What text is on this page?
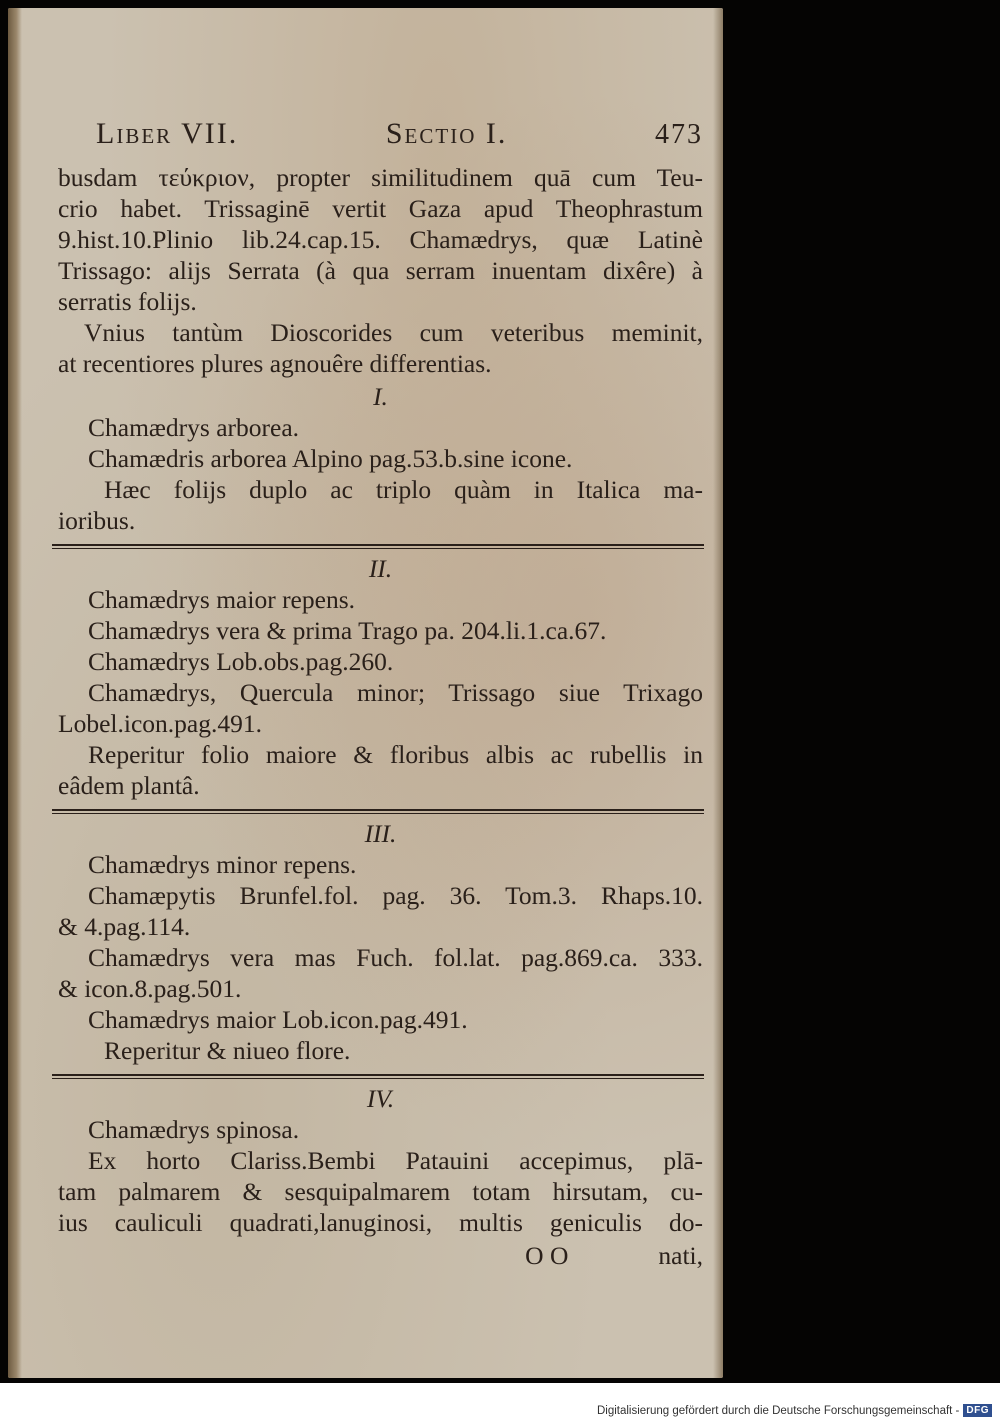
Liber VII.	Sectio I.	473

busdam τεύκριον, propter similitudinem quā cum Teu-

crio habet. Trissaginē vertit Gaza apud Theophrastum

9.hist.10.Plinio lib.24.cap.15. Chamædrys, quæ Latinè

Trissago: alijs Serrata (à qua serram inuentam dixêre) à

serratis folijs.

Vnius tantùm Dioscorides cum veteribus meminit,

at recentiores plures agnouêre differentias.

I.

Chamædrys arborea.

Chamædris arborea Alpino pag.53.b.sine icone.

Hæc folijs duplo ac triplo quàm in Italica ma-

ioribus.

II.

Chamædrys maior repens.

Chamædrys vera & prima Trago pa. 204.li.1.ca.67.

Chamædrys Lob.obs.pag.260.

Chamædrys, Quercula minor; Trissago siue Trixago

Lobel.icon.pag.491.

Reperitur folio maiore & floribus albis ac rubellis in

eâdem plantâ.

III.

Chamædrys minor repens.

Chamæpytis Brunfel.fol. pag. 36. Tom.3. Rhaps.10.

& 4.pag.114.

Chamædrys vera mas Fuch. fol.lat. pag.869.ca. 333.

& icon.8.pag.501.

Chamædrys maior Lob.icon.pag.491.

Reperitur & niueo flore.

IV.

Chamædrys spinosa.

Ex horto Clariss.Bembi Patauini accepimus, plā-

tam palmarem & sesquipalmarem totam hirsutam, cu-

ius cauliculi quadrati,lanuginosi, multis geniculis do-

O O	nati,
Digitalisierung gefördert durch die Deutsche Forschungsgemeinschaft - DFG
